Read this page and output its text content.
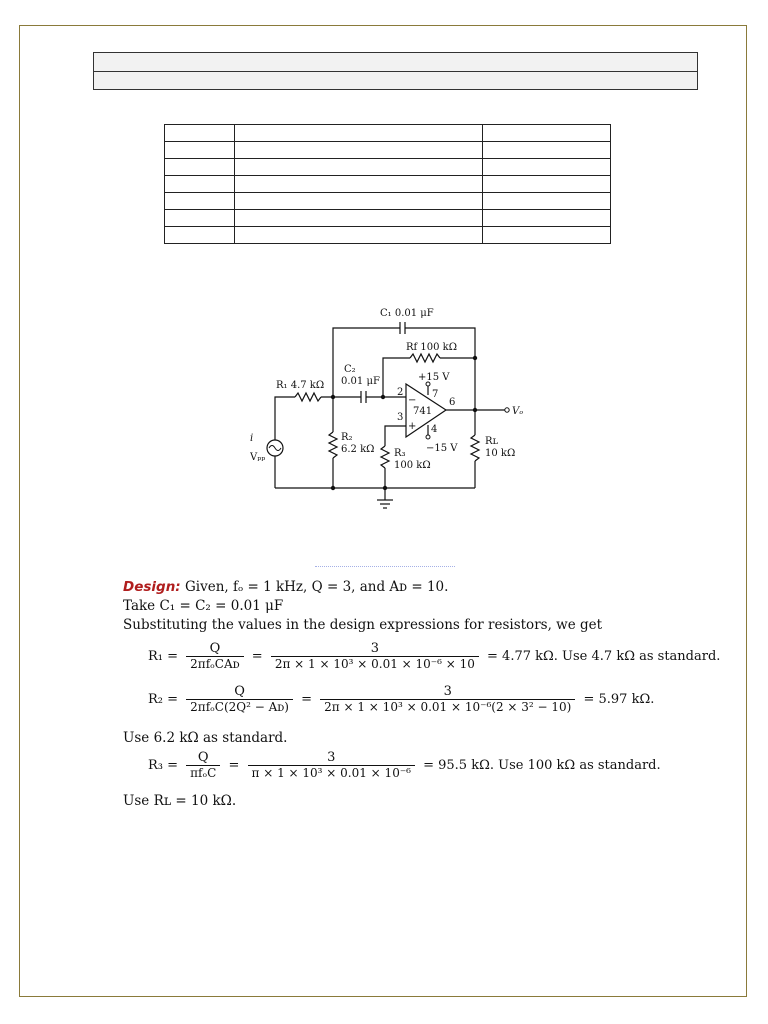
C₁ 0.01 μF
Rf 100 kΩ
C₂
0.01 μF
R₁ 4.7 kΩ
+15 V
−15 V
741
2
3
7
6
4
−
+
Vₒ
R₂
6.2 kΩ R₃
100 kΩ
Rʟ
10 kΩ
i
Vₚₚ

Design: Given, fₒ = 1 kHz, Q = 3, and Aᴅ = 10.

Take C₁ = C₂ = 0.01 μF

Substituting the values in the design expressions for resistors, we get

$R_1 = \frac{Q}{\text{2πfₒCAᴅ}} = \frac{3}{\text{2π × 1 × 10³ × 0.01 × 10⁻⁶ × 10}} = 4.77$ kΩ. Use 4.7 kΩ as standard.
$R_2 = \frac{Q}{\text{2πfₒC(2Q² − Aᴅ)}} = \frac{3}{\text{2π × 1 × 10³ × 0.01 × 10⁻⁶(2 × 3² − 10)}} = 5.97$ kΩ.
Use 6.2 kΩ as standard.
$R_3 = \frac{Q}{\text{πfₒC}} = \frac{3}{\text{π × 1 × 10³ × 0.01 × 10⁻⁶}} = 95.5$ kΩ. Use 100 kΩ as standard.
Use Rʟ = 10 kΩ.
